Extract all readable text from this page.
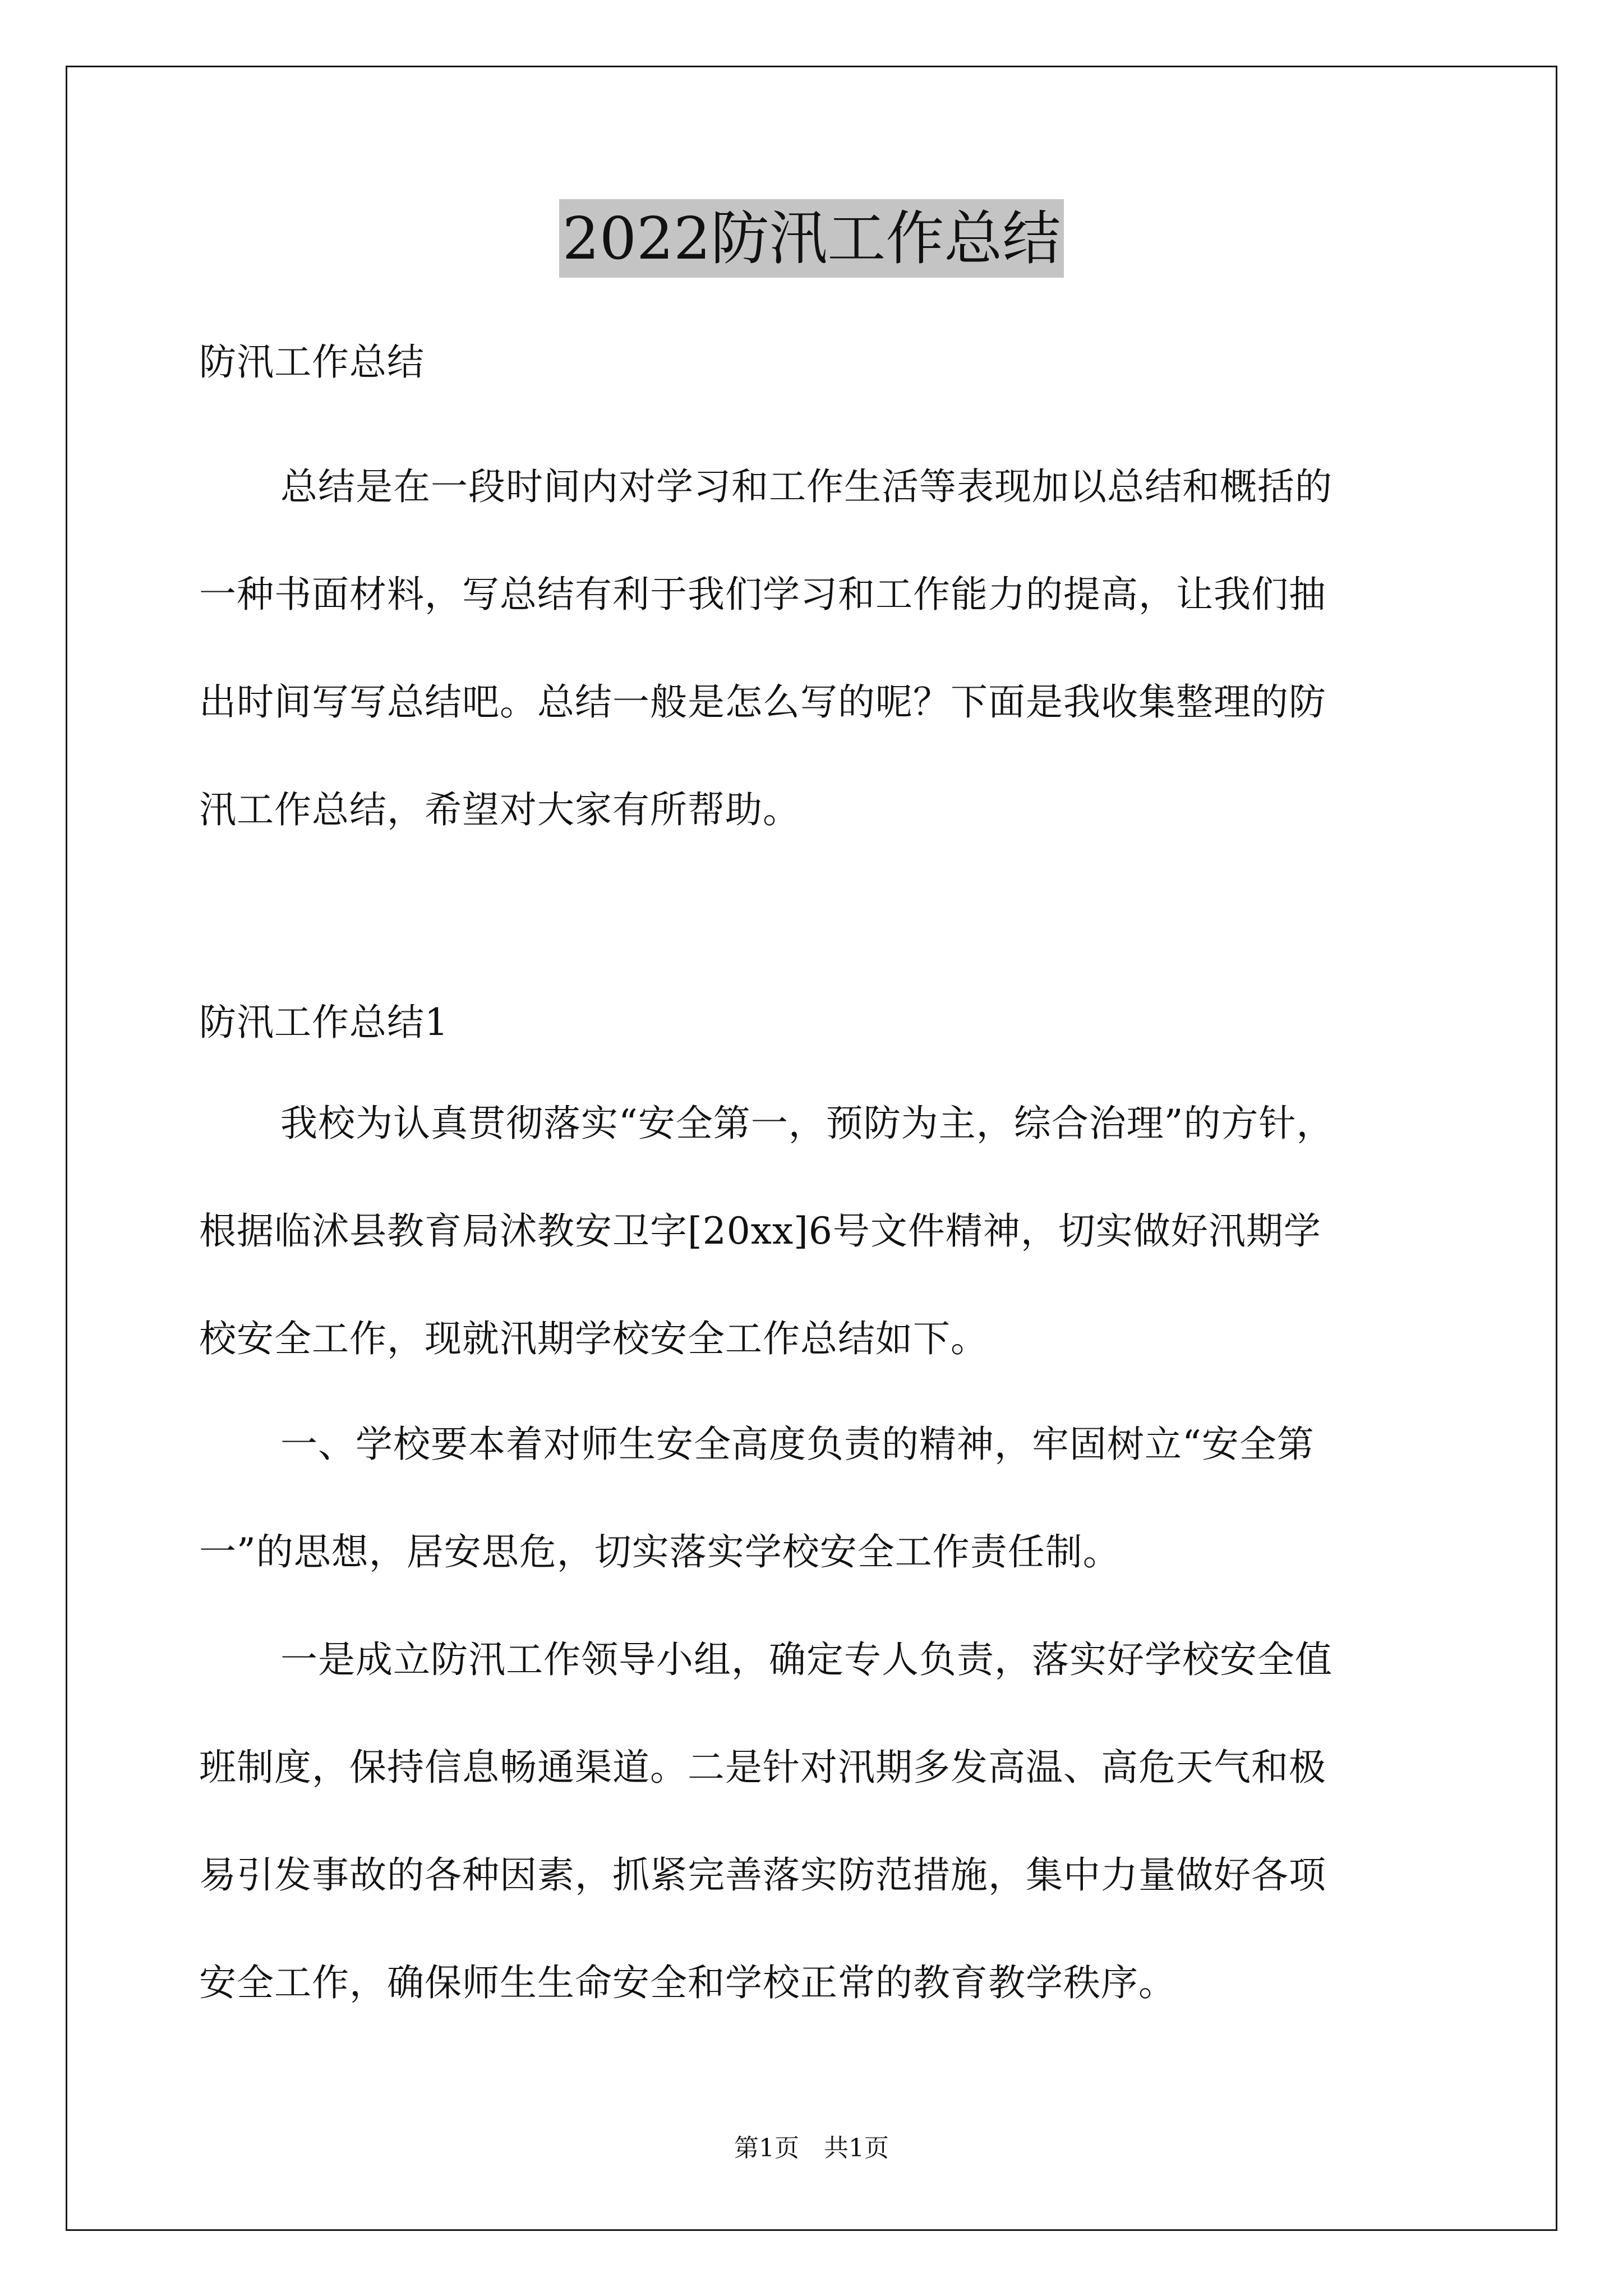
2022防汛工作总结
防汛工作总结
总结是在一段时间内对学习和工作生活等表现加以总结和概括的
一种书面材料，写总结有利于我们学习和工作能力的提高，让我们抽
出时间写写总结吧。总结一般是怎么写的呢？下面是我收集整理的防
汛工作总结，希望对大家有所帮助。
防汛工作总结1
我校为认真贯彻落实“安全第一，预防为主，综合治理”的方针，
根据临沭县教育局沭教安卫字[20xx]6号文件精神，切实做好汛期学
校安全工作，现就汛期学校安全工作总结如下。
一、学校要本着对师生安全高度负责的精神，牢固树立“安全第
一”的思想，居安思危，切实落实学校安全工作责任制。
一是成立防汛工作领导小组，确定专人负责，落实好学校安全值
班制度，保持信息畅通渠道。二是针对汛期多发高温、高危天气和极
易引发事故的各种因素，抓紧完善落实防范措施，集中力量做好各项
安全工作，确保师生生命安全和学校正常的教育教学秩序。
第1页　共1页
